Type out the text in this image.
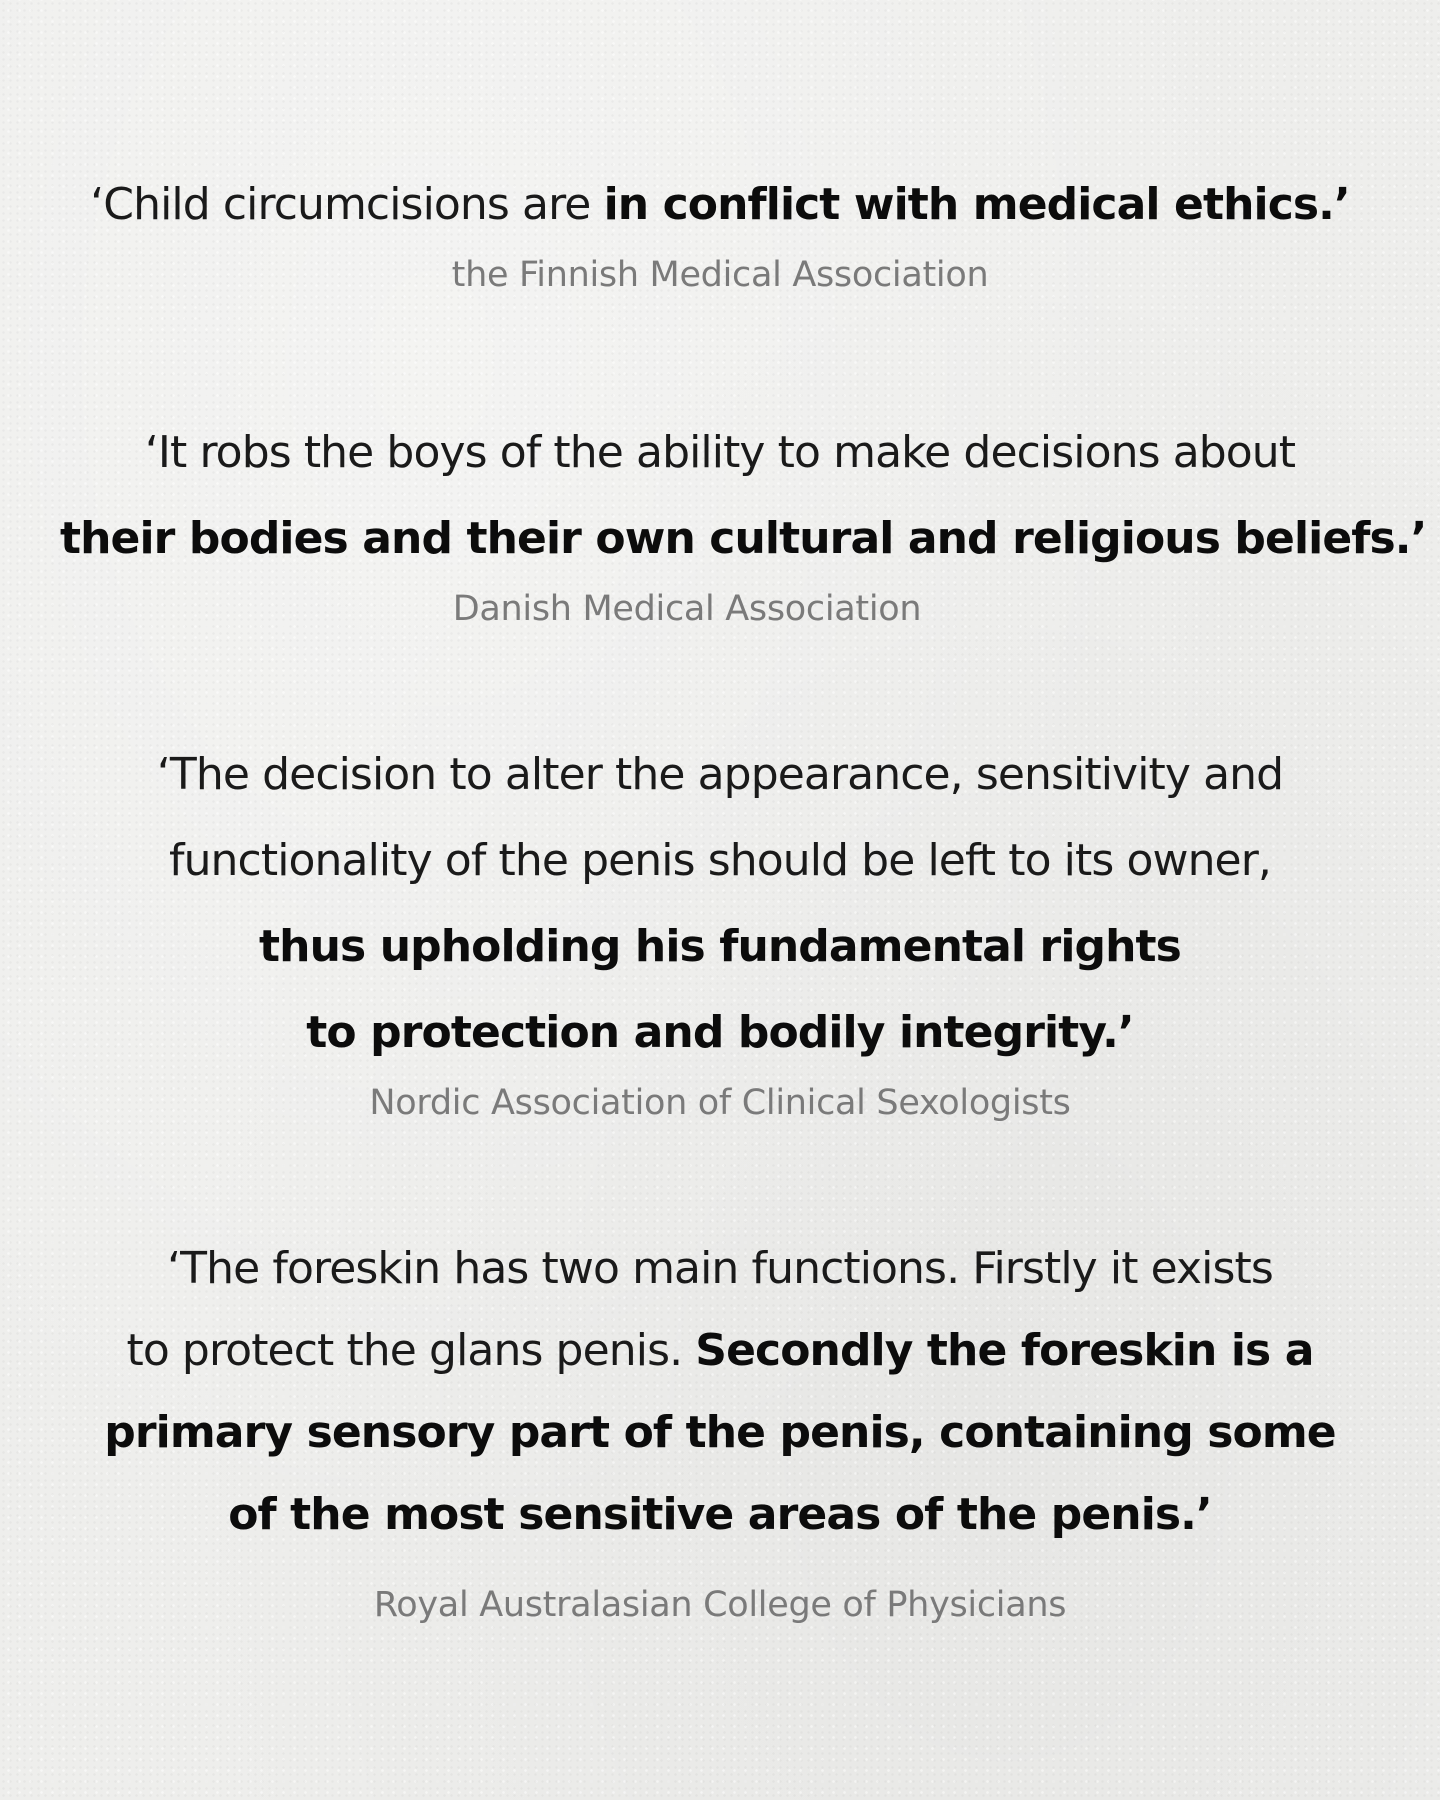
‘Child circumcisions are in conflict with medical ethics.’

the Finnish Medical Association

‘It robs the boys of the ability to make decisions about
their bodies and their own cultural and religious beliefs.’

Danish Medical Association

‘The decision to alter the appearance, sensitivity and
functionality of the penis should be left to its owner,
thus upholding his fundamental rights
to protection and bodily integrity.’

Nordic Association of Clinical Sexologists

‘The foreskin has two main functions. Firstly it exists
to protect the glans penis. Secondly the foreskin is a
primary sensory part of the penis, containing some
of the most sensitive areas of the penis.’

Royal Australasian College of Physicians
